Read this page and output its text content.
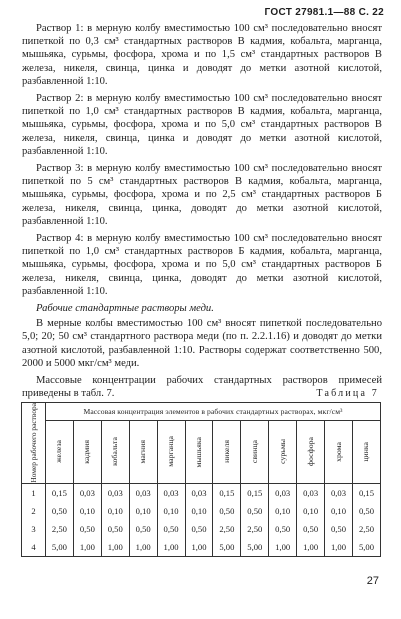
ГОСТ 27981.1—88 С. 22

Раствор 1: в мерную колбу вместимостью 100 см³ последовательно вносят пипеткой по 0,3 см³ стандартных растворов В кадмия, кобальта, марганца, мышьяка, сурьмы, фосфора, хрома и по 1,5 см³ стандартных растворов В железа, никеля, свинца, цинка и доводят до метки азотной кислотой, разбавленной 1:10.

Раствор 2: в мерную колбу вместимостью 100 см³ последовательно вносят пипеткой по 1,0 см³ стандартных растворов В кадмия, кобальта, марганца, мышьяка, сурьмы, фосфора, хрома и по 5,0 см³ стандартных растворов В железа, никеля, свинца, цинка и доводят до метки азотной кислотой, разбавленной 1:10.

Раствор 3: в мерную колбу вместимостью 100 см³ последовательно вносят пипеткой по 5 см³ стандартных растворов В кадмия, кобальта, марганца, мышьяка, сурьмы, фосфора, хрома и по 2,5 см³ стандартных растворов Б железа, никеля, свинца, цинка, доводят до метки азотной кислотой, разбавленной 1:10.

Раствор 4: в мерную колбу вместимостью 100 см³ последовательно вносят пипеткой по 1,0 см³ стандартных растворов Б кадмия, кобальта, марганца, мышьяка, сурьмы, фосфора, хрома и по 5,0 см³ стандартных растворов Б железа, никеля, свинца, цинка, доводят до метки азотной кислотой, разбавленной 1:10.

Рабочие стандартные растворы меди.

В мерные колбы вместимостью 100 см³ вносят пипеткой последовательно 5,0; 20; 50 см³ стандартного раствора меди (по п. 2.2.1.16) и доводят до метки азотной кислотой, разбавленной 1:10. Растворы содержат соответственно 500, 2000 и 5000 мкг/см³ меди.

Массовые концентрации рабочих стандартных растворов примесей приведены в табл. 7.	Таблица 7
Номер рабочего раствора	Массовая концентрация элементов в рабочих стандартных растворах, мкг/см³											

	железа	кадмия	кобальта	магния	марганца	мышьяка	никеля	свинца	сурьмы	фосфора	хрома	цинка

1	0,15	0,03	0,03	0,03	0,03	0,03	0,15	0,15	0,03	0,03	0,03	0,15
2	0,50	0,10	0,10	0,10	0,10	0,10	0,50	0,50	0,10	0,10	0,10	0,50
3	2,50	0,50	0,50	0,50	0,50	0,50	2,50	2,50	0,50	0,50	0,50	2,50
4	5,00	1,00	1,00	1,00	1,00	1,00	5,00	5,00	1,00	1,00	1,00	5,00
27
